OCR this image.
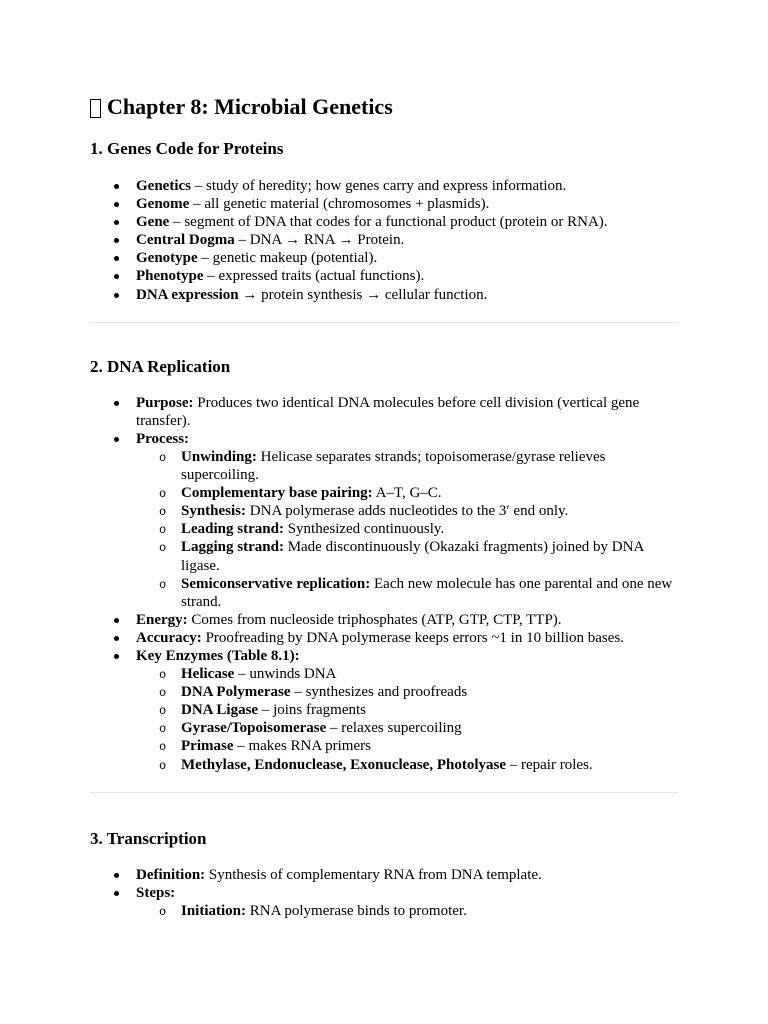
Chapter 8: Microbial Genetics
1. Genes Code for Proteins
Genetics – study of heredity; how genes carry and express information.
Genome – all genetic material (chromosomes + plasmids).
Gene – segment of DNA that codes for a functional product (protein or RNA).
Central Dogma – DNA → RNA → Protein.
Genotype – genetic makeup (potential).
Phenotype – expressed traits (actual functions).
DNA expression → protein synthesis → cellular function.
2. DNA Replication
Purpose: Produces two identical DNA molecules before cell division (vertical gene transfer).
Process:
o Unwinding: Helicase separates strands; topoisomerase/gyrase relieves supercoiling.
o Complementary base pairing: A–T, G–C.
o Synthesis: DNA polymerase adds nucleotides to the 3′ end only.
o Leading strand: Synthesized continuously.
o Lagging strand: Made discontinuously (Okazaki fragments) joined by DNA ligase.
o Semiconservative replication: Each new molecule has one parental and one new strand.
Energy: Comes from nucleoside triphosphates (ATP, GTP, CTP, TTP).
Accuracy: Proofreading by DNA polymerase keeps errors ~1 in 10 billion bases.
Key Enzymes (Table 8.1):
o Helicase – unwinds DNA
o DNA Polymerase – synthesizes and proofreads
o DNA Ligase – joins fragments
o Gyrase/Topoisomerase – relaxes supercoiling
o Primase – makes RNA primers
o Methylase, Endonuclease, Exonuclease, Photolyase – repair roles.
3. Transcription
Definition: Synthesis of complementary RNA from DNA template.
Steps:
o Initiation: RNA polymerase binds to promoter.
